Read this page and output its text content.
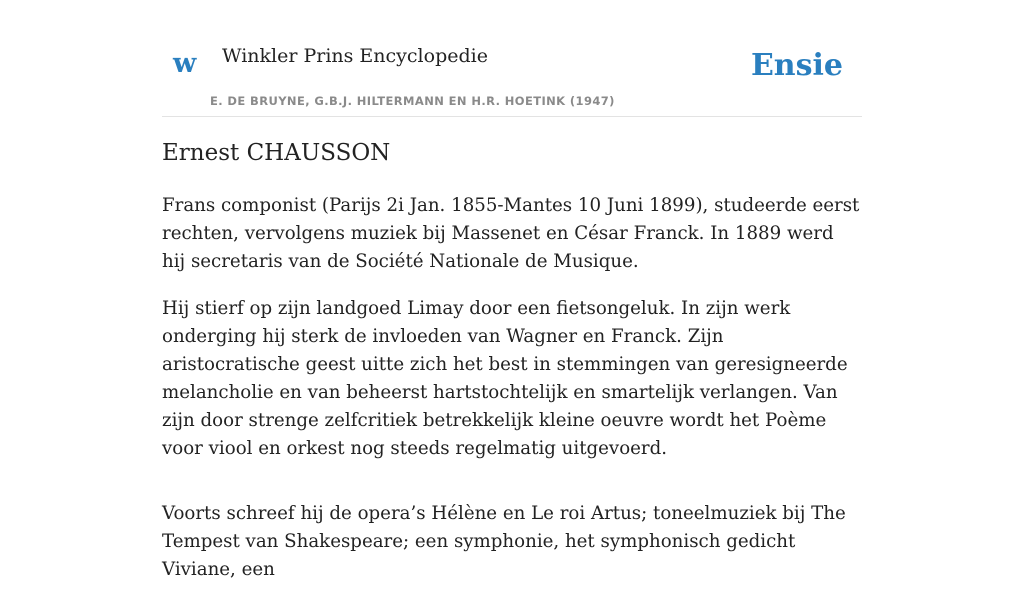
w Winkler Prins Encyclopedie
E. DE BRUYNE, G.B.J. HILTERMANN EN H.R. HOETINK (1947)
Ensie
Ernest CHAUSSON

Frans componist (Parijs 2i Jan. 1855-Mantes 10 Juni 1899), studeerde eerst rechten, vervolgens muziek bij Massenet en César Franck. In 1889 werd hij secretaris van de Société Nationale de Musique.

Hij stierf op zijn landgoed Limay door een fietsongeluk. In zijn werk onderging hij sterk de invloeden van Wagner en Franck. Zijn aristocratische geest uitte zich het best in stemmingen van geresigneerde melancholie en van beheerst hartstochtelijk en smartelijk verlangen. Van zijn door strenge zelfcritiek betrekkelijk kleine oeuvre wordt het Poème voor viool en orkest nog steeds regelmatig uitgevoerd.

Voorts schreef hij de opera’s Hélène en Le roi Artus; toneelmuziek bij The Tempest van Shakespeare; een symphonie, het symphonisch gedicht Viviane, een
